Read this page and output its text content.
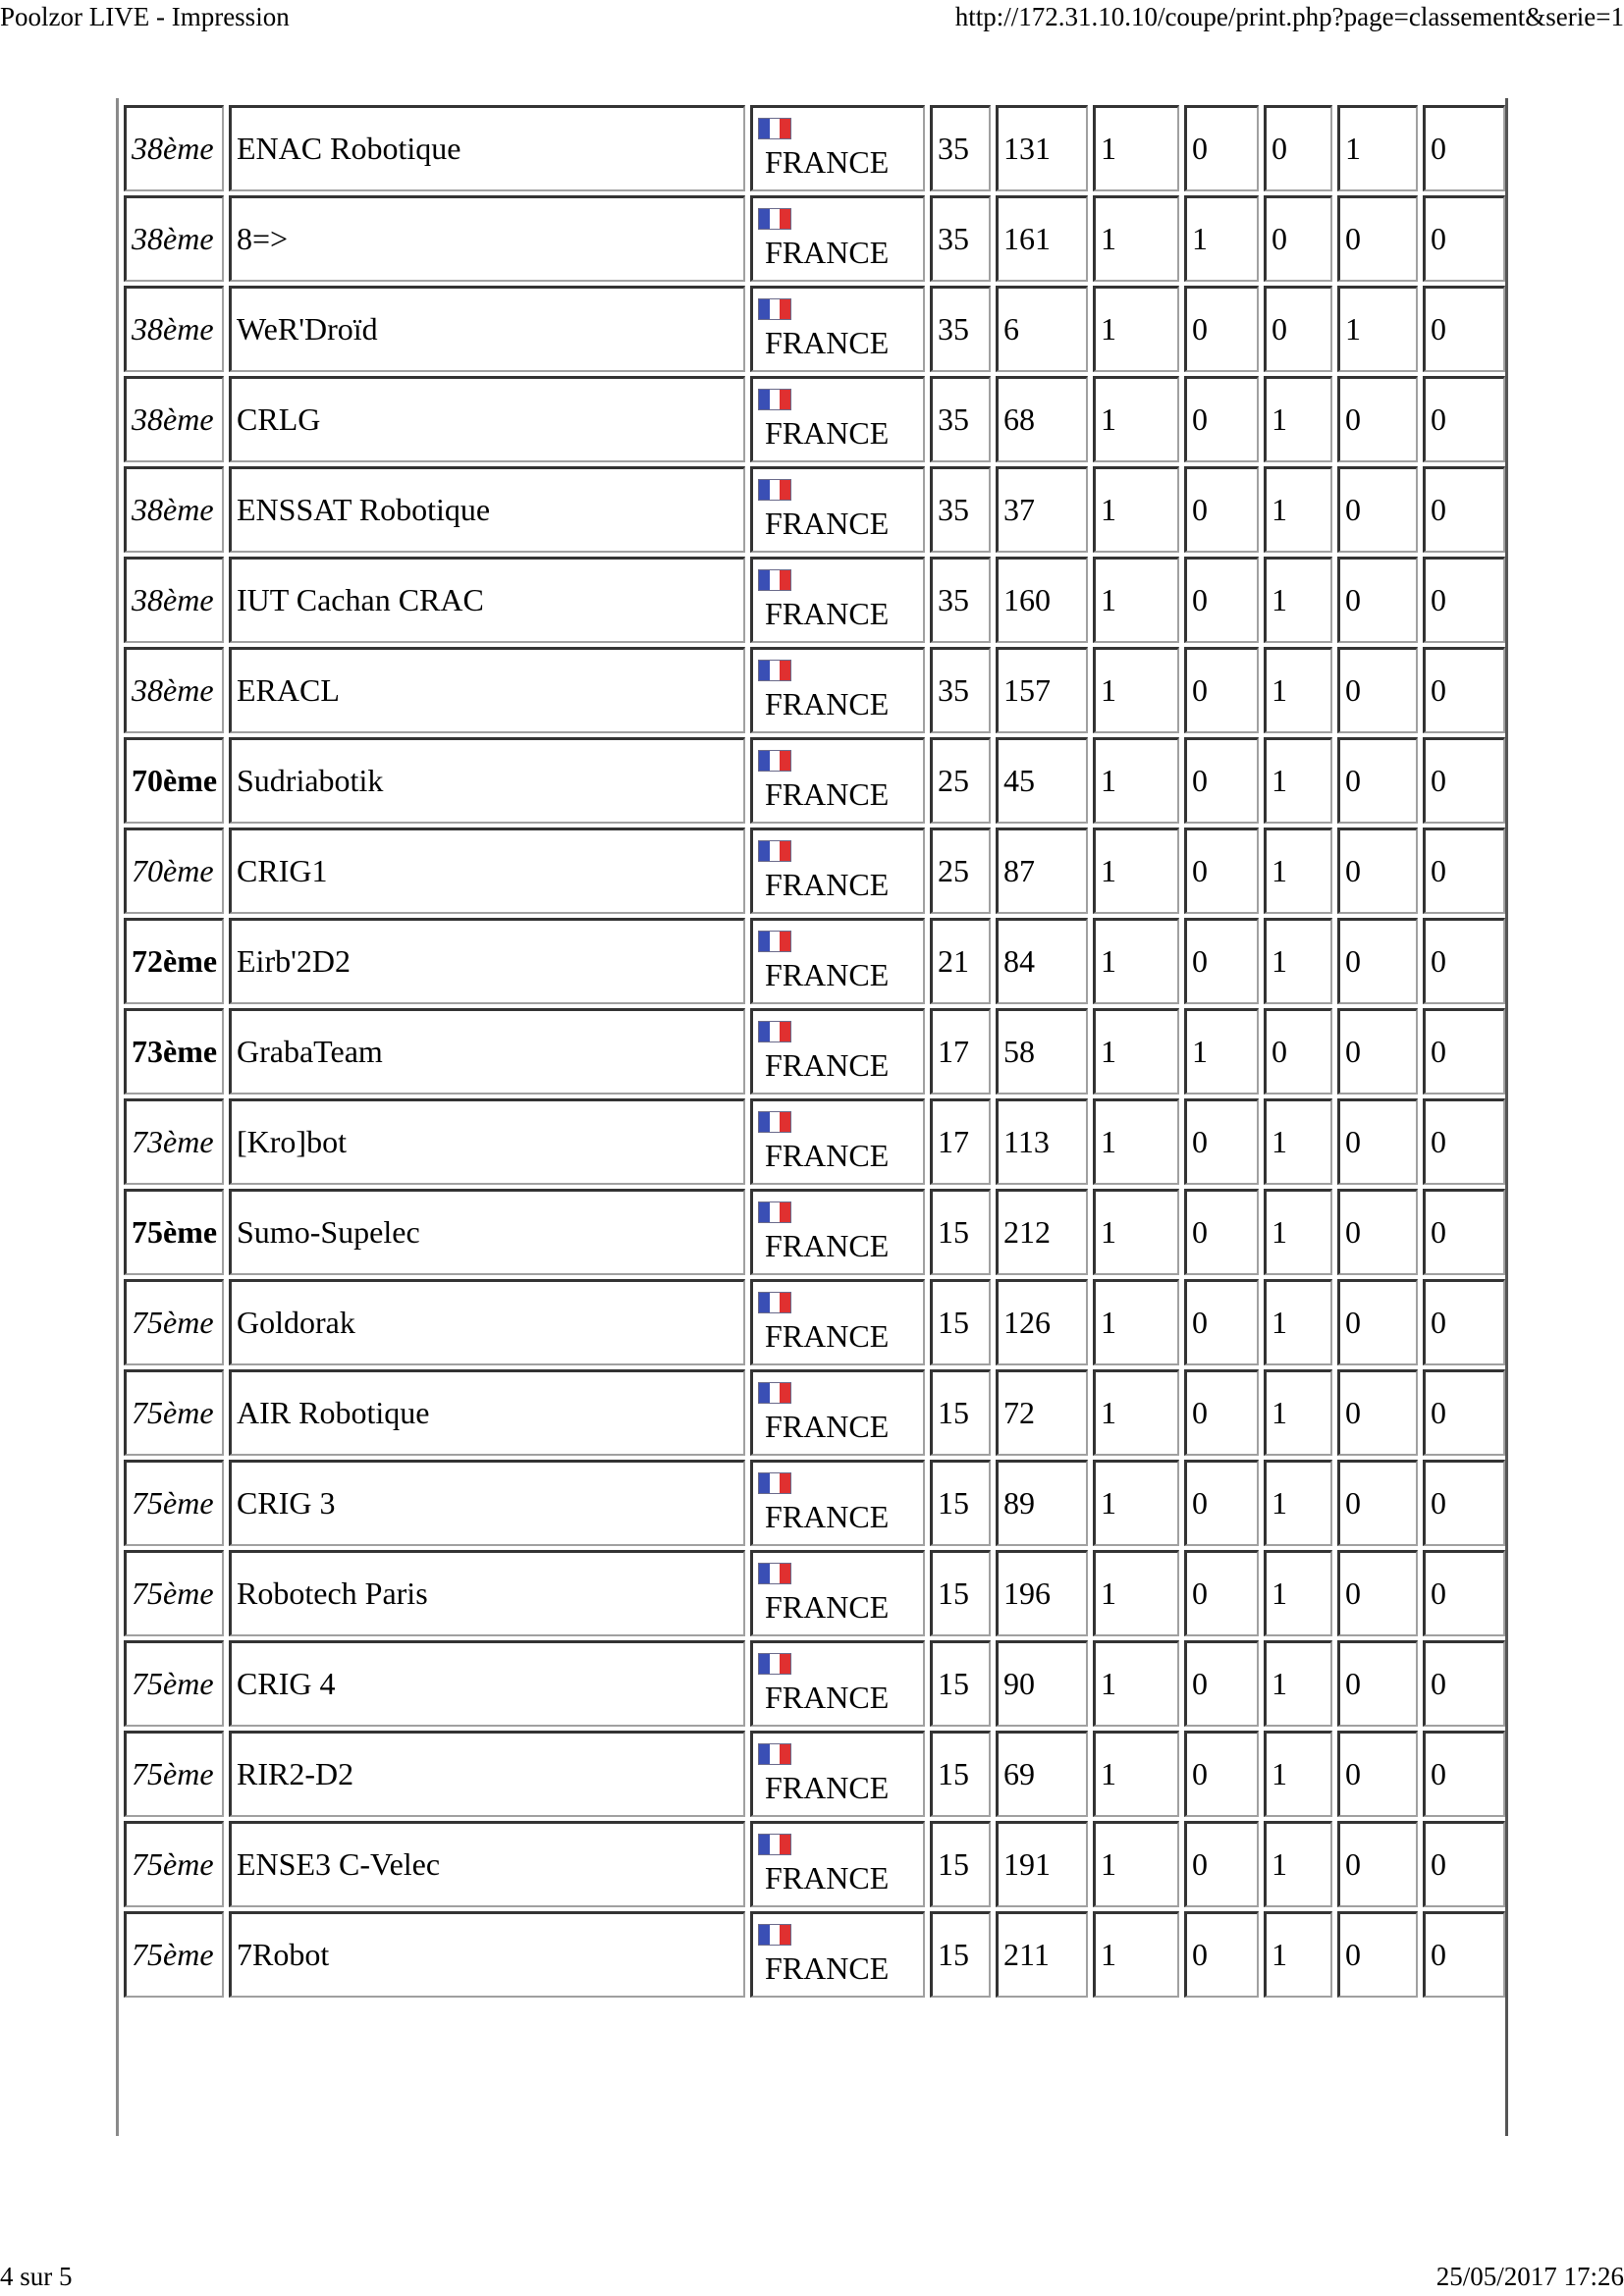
Poolzor LIVE - Impression	http://172.31.10.10/coupe/print.php?page=classement&serie=1
38ème	ENAC Robotique	FRANCE	35	131	1	0	0	1	0
38ème	8=>	FRANCE	35	161	1	1	0	0	0
38ème	WeR'Droïd	FRANCE	35	6	1	0	0	1	0
38ème	CRLG	FRANCE	35	68	1	0	1	0	0
38ème	ENSSAT Robotique	FRANCE	35	37	1	0	1	0	0
38ème	IUT Cachan CRAC	FRANCE	35	160	1	0	1	0	0
38ème	ERACL	FRANCE	35	157	1	0	1	0	0
70ème	Sudriabotik	FRANCE	25	45	1	0	1	0	0
70ème	CRIG1	FRANCE	25	87	1	0	1	0	0
72ème	Eirb'2D2	FRANCE	21	84	1	0	1	0	0
73ème	GrabaTeam	FRANCE	17	58	1	1	0	0	0
73ème	[Kro]bot	FRANCE	17	113	1	0	1	0	0
75ème	Sumo-Supelec	FRANCE	15	212	1	0	1	0	0
75ème	Goldorak	FRANCE	15	126	1	0	1	0	0
75ème	AIR Robotique	FRANCE	15	72	1	0	1	0	0
75ème	CRIG 3	FRANCE	15	89	1	0	1	0	0
75ème	Robotech Paris	FRANCE	15	196	1	0	1	0	0
75ème	CRIG 4	FRANCE	15	90	1	0	1	0	0
75ème	RIR2-D2	FRANCE	15	69	1	0	1	0	0
75ème	ENSE3 C-Velec	FRANCE	15	191	1	0	1	0	0
75ème	7Robot	FRANCE	15	211	1	0	1	0	0
4 sur 5	25/05/2017 17:26
